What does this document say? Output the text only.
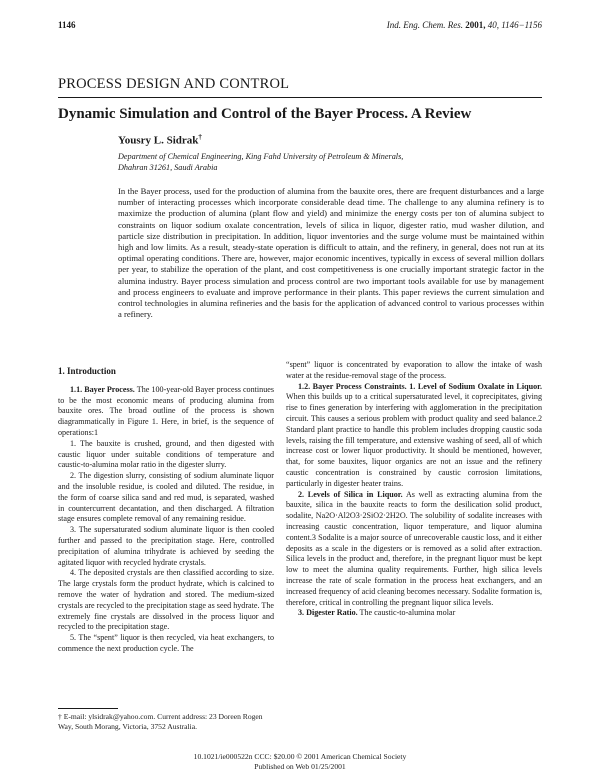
1146	Ind. Eng. Chem. Res. 2001, 40, 1146−1156
PROCESS DESIGN AND CONTROL
Dynamic Simulation and Control of the Bayer Process. A Review
Yousry L. Sidrak†
Department of Chemical Engineering, King Fahd University of Petroleum & Minerals,
Dhahran 31261, Saudi Arabia
In the Bayer process, used for the production of alumina from the bauxite ores, there are frequent disturbances and a large number of interacting processes which incorporate considerable dead time. The challenge to any alumina refinery is to maximize the production of alumina (plant flow and yield) and minimize the energy costs per ton of alumina subject to constraints on liquor sodium oxalate concentration, levels of silica in liquor, digester ratio, mud washer dilution, and particle size distribution in precipitation. In addition, liquor inventories and the surge volume must be maintained within high and low limits. As a result, steady-state operation is difficult to attain, and the refinery, in general, does not run at its optimal operating conditions. There are, however, major economic incentives, typically in excess of several million dollars per year, to stabilize the operation of the plant, and cost competitiveness is one crucially important strategic factor in the alumina industry. Bayer process simulation and process control are two important tools available for use by management and process engineers to evaluate and improve performance in their plants. This paper reviews the current simulation and control technologies in alumina refineries and the basis for the application of advanced control to various processes within a refinery.

1. Introduction

1.1. Bayer Process. The 100-year-old Bayer process continues to be the most economic means of producing alumina from bauxite ores. The broad outline of the process is shown diagrammatically in Figure 1. Here, in brief, is the sequence of operations:1

1. The bauxite is crushed, ground, and then digested with caustic liquor under suitable conditions of temperature and caustic-to-alumina molar ratio in the digester slurry.

2. The digestion slurry, consisting of sodium aluminate liquor and the insoluble residue, is cooled and diluted. The residue, in the form of coarse silica sand and red mud, is separated, washed in countercurrent decantation, and then discharged. A filtration stage ensures complete removal of any remaining residue.

3. The supersaturated sodium aluminate liquor is then cooled further and passed to the precipitation stage. Here, controlled precipitation of alumina trihydrate is achieved by seeding the agitated liquor with recycled hydrate crystals.

4. The deposited crystals are then classified according to size. The large crystals form the product hydrate, which is calcined to remove the water of hydration and stored. The medium-sized crystals are recycled to the precipitation stage as seed hydrate. The extremely fine crystals are dissolved in the process liquor and recycled to the precipitation stage.

5. The “spent” liquor is then recycled, via heat exchangers, to commence the next production cycle. The

“spent” liquor is concentrated by evaporation to allow the intake of wash water at the residue-removal stage of the process.

1.2. Bayer Process Constraints. 1. Level of Sodium Oxalate in Liquor. When this builds up to a critical supersaturated level, it coprecipitates, giving rise to fines generation by interfering with agglomeration in the precipitation circuit. This causes a serious problem with product quality and seed balance.2 Standard plant practice to handle this problem includes dropping caustic soda levels, raising the fill temperature, and extensive washing of seed, all of which increase cost or lower liquor productivity. It should be mentioned, however, that, for some bauxites, liquor organics are not an issue and the refinery caustic concentration is constrained by caustic corrosion limitations, particularly in digester heater trains.

2. Levels of Silica in Liquor. As well as extracting alumina from the bauxite, silica in the bauxite reacts to form the desilication solid product, sodalite, Na2O·Al2O3·2SiO2·2H2O. The solubility of sodalite increases with increasing caustic concentration, liquor temperature, and liquor alumina content.3 Sodalite is a major source of unrecoverable caustic loss, and it either deposits as a scale in the digesters or is removed as a solid after extraction. Silica levels in the product and, therefore, in the pregnant liquor must be kept low to meet the alumina quality requirements. Further, high silica levels increase the rate of scale formation in the process heat exchangers, and an increased frequency of acid cleaning becomes necessary. Sodalite formation is, therefore, critical in controlling the pregnant liquor silica levels.

3. Digester Ratio. The caustic-to-alumina molar

† E-mail: ylsidrak@yahoo.com. Current address: 23 Doreen Rogen Way, South Morang, Victoria, 3752 Australia.
10.1021/ie000522n CCC: $20.00 © 2001 American Chemical Society
Published on Web 01/25/2001
